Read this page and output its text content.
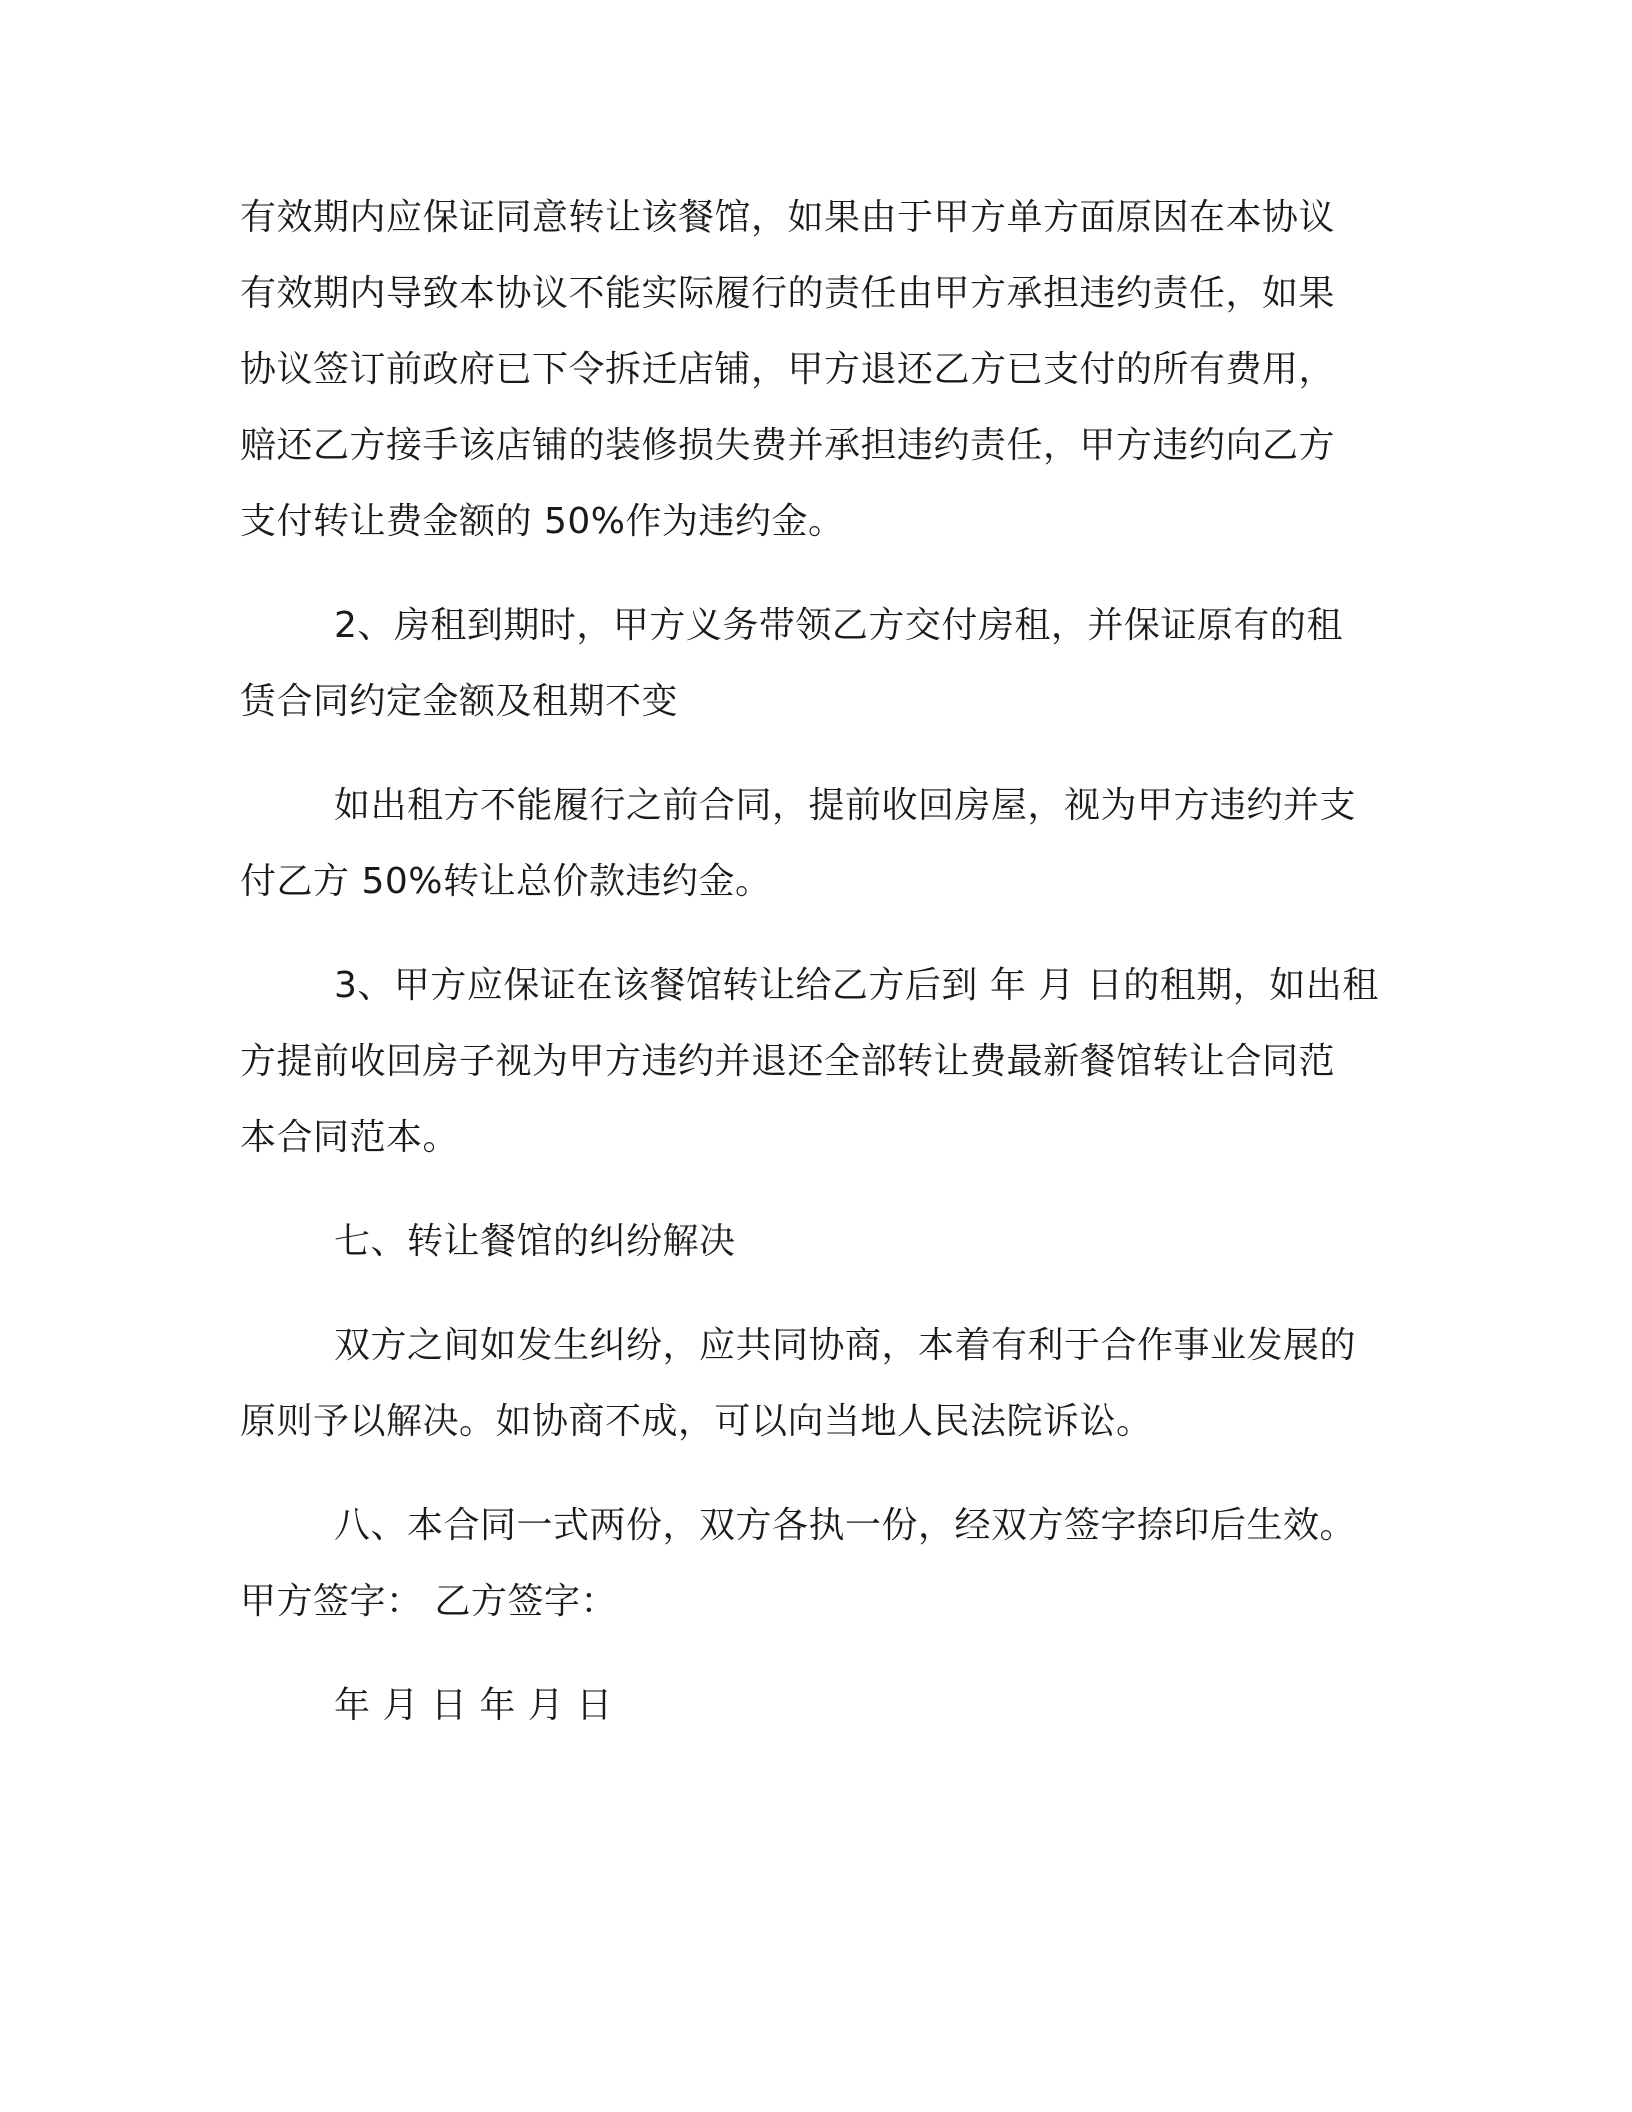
有效期内应保证同意转让该餐馆，如果由于甲方单方面原因在本协议

有效期内导致本协议不能实际履行的责任由甲方承担违约责任，如果

协议签订前政府已下令拆迁店铺，甲方退还乙方已支付的所有费用，

赔还乙方接手该店铺的装修损失费并承担违约责任，甲方违约向乙方

支付转让费金额的 50%作为违约金。

2、房租到期时，甲方义务带领乙方交付房租，并保证原有的租

赁合同约定金额及租期不变

如出租方不能履行之前合同，提前收回房屋，视为甲方违约并支

付乙方 50%转让总价款违约金。

3、甲方应保证在该餐馆转让给乙方后到 年 月 日的租期，如出租

方提前收回房子视为甲方违约并退还全部转让费最新餐馆转让合同范

本合同范本。

七、转让餐馆的纠纷解决

双方之间如发生纠纷，应共同协商，本着有利于合作事业发展的

原则予以解决。如协商不成，可以向当地人民法院诉讼。

八、本合同一式两份，双方各执一份，经双方签字捺印后生效。

甲方签字： 乙方签字：

年 月 日 年 月 日
